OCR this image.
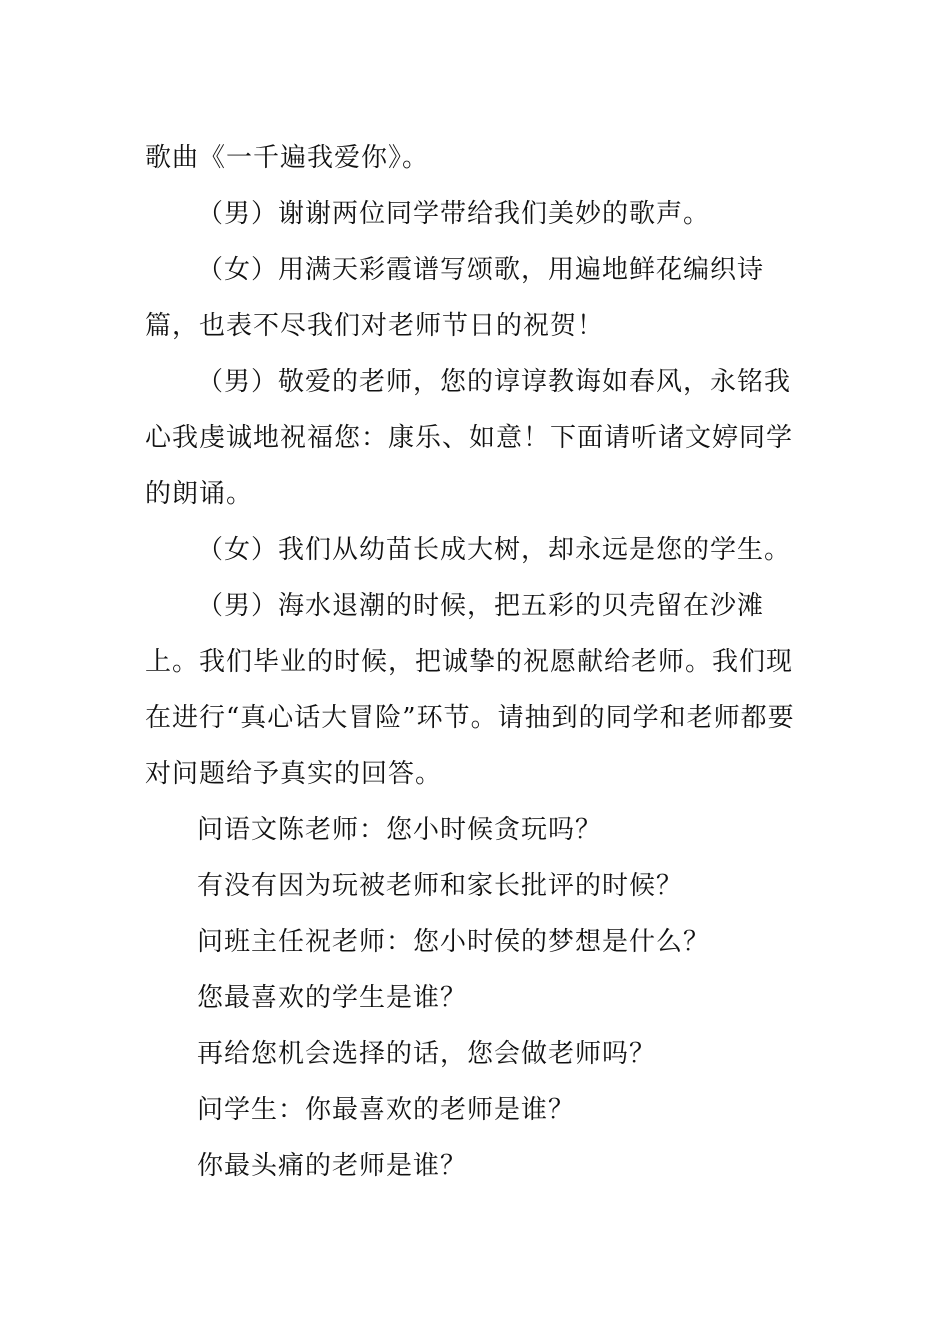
歌曲《一千遍我爱你》。

（男）谢谢两位同学带给我们美妙的歌声。

（女）用满天彩霞谱写颂歌，用遍地鲜花编织诗篇，也表不尽我们对老师节日的祝贺！

（男）敬爱的老师，您的谆谆教诲如春风，永铭我心我虔诚地祝福您：康乐、如意！下面请听诸文婷同学的朗诵。

（女）我们从幼苗长成大树，却永远是您的学生。

（男）海水退潮的时候，把五彩的贝壳留在沙滩上。我们毕业的时候，把诚挚的祝愿献给老师。我们现在进行“真心话大冒险”环节。请抽到的同学和老师都要对问题给予真实的回答。

问语文陈老师：您小时候贪玩吗？

有没有因为玩被老师和家长批评的时候？

问班主任祝老师：您小时侯的梦想是什么？

您最喜欢的学生是谁？

再给您机会选择的话，您会做老师吗？

问学生：你最喜欢的老师是谁？

你最头痛的老师是谁？
